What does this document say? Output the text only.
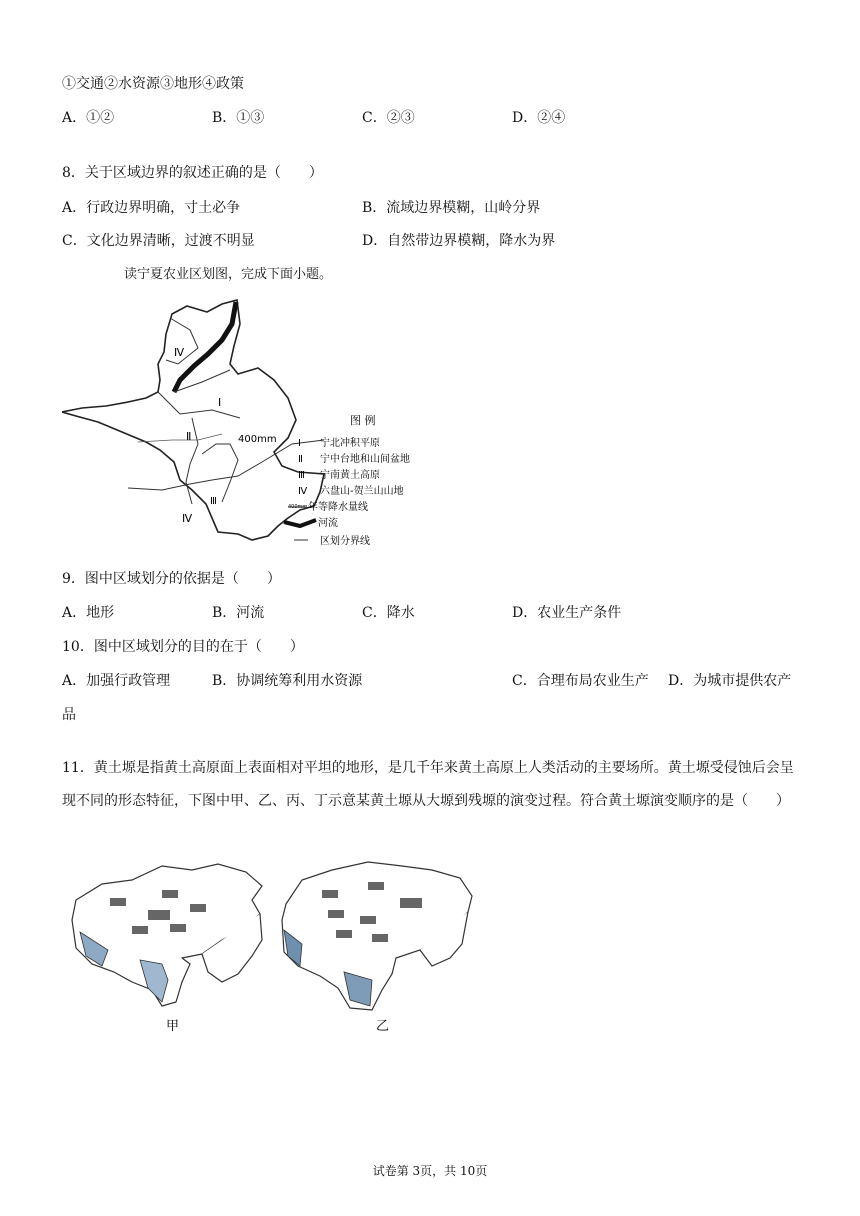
①交通②水资源③地形④政策
A．①②	B．①③	C．②③	D．②④
8．关于区域边界的叙述正确的是（　　）
A．行政边界明确，寸土必争	B．流域边界模糊，山岭分界
C．文化边界清晰，过渡不明显	D．自然带边界模糊，降水为界
读宁夏农业区划图，完成下面小题。
Ⅳ
Ⅰ
Ⅱ
Ⅲ
Ⅳ
400mm
图 例
Ⅰ 宁北冲积平原
Ⅱ 宁中台地和山间盆地
Ⅲ 宁南黄土高原
Ⅳ 六盘山-贺兰山山地
400mm 年等降水量线
河流
区划分界线
9．图中区域划分的依据是（　　）
A．地形	B．河流	C．降水	D．农业生产条件
10．图中区域划分的目的在于（　　）
A．加强行政管理	B．协调统筹利用水资源	C．合理布局农业生产 D．为城市提供农产
品
11．黄土塬是指黄土高原面上表面相对平坦的地形，是几千年来黄土高原上人类活动的主要场所。黄土塬受侵蚀后会呈现不同的形态特征，下图中甲、乙、丙、丁示意某黄土塬从大塬到残塬的演变过程。符合黄土塬演变顺序的是（　　）
甲	乙
试卷第 3页，共 10页
